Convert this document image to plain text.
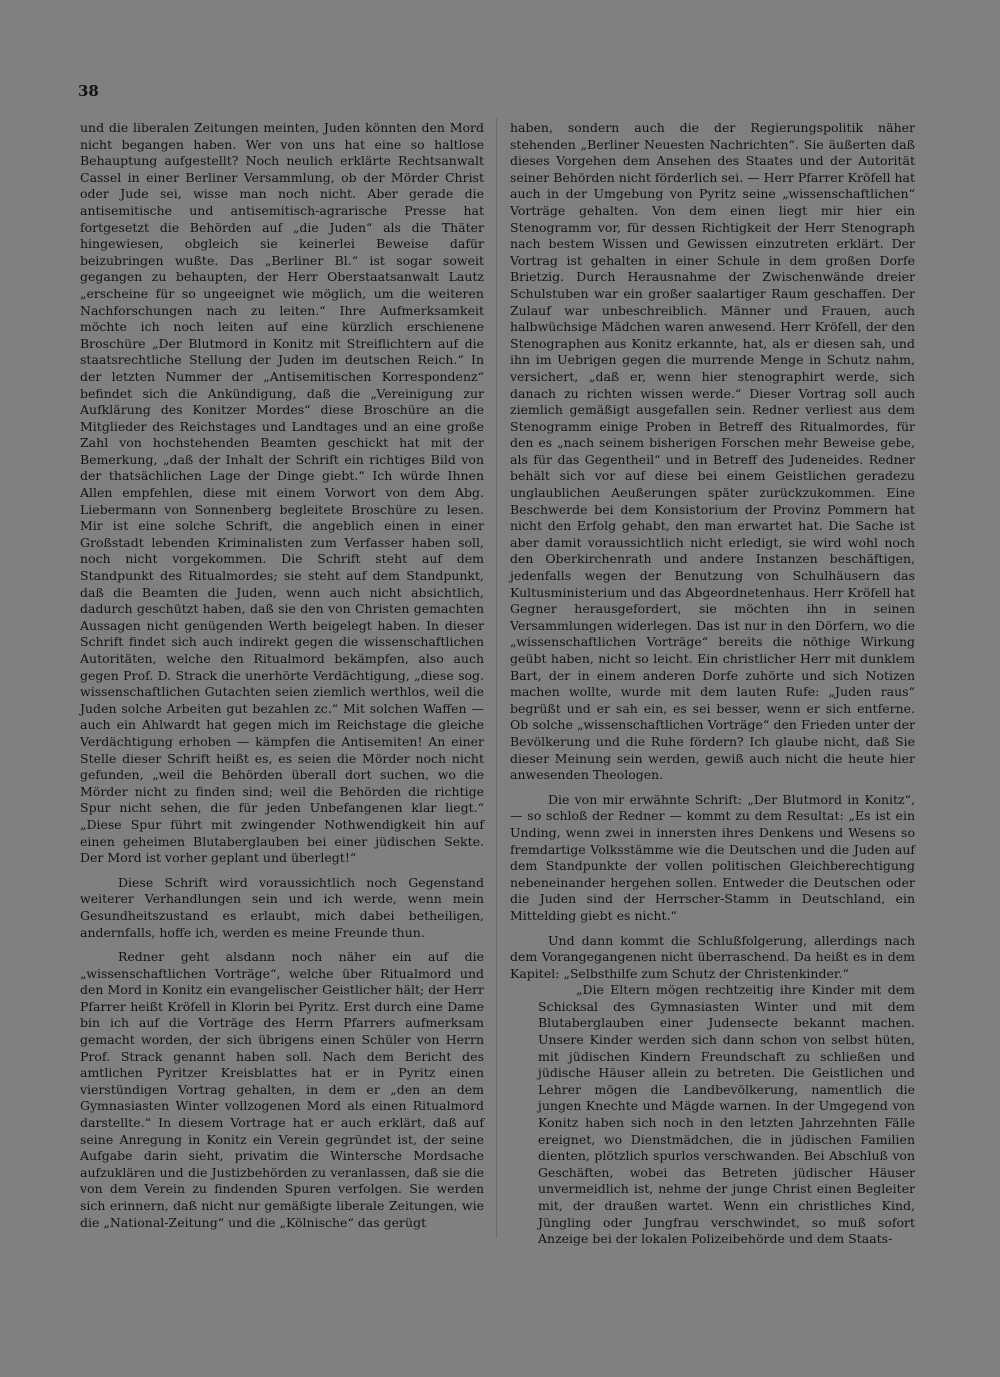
38

und die liberalen Zeitungen meinten, Juden könnten den Mord nicht begangen haben. Wer von uns hat eine so haltlose Behauptung aufgestellt? Noch neulich erklärte Rechtsanwalt Cassel in einer Berliner Versammlung, ob der Mörder Christ oder Jude sei, wisse man noch nicht. Aber gerade die antisemitische und antisemitisch-agrarische Presse hat fortgesetzt die Behörden auf „die Juden“ als die Thäter hingewiesen, obgleich sie keinerlei Beweise dafür beizubringen wußte. Das „Berliner Bl.“ ist sogar soweit gegangen zu behaupten, der Herr Oberstaatsanwalt Lautz „erscheine für so ungeeignet wie möglich, um die weiteren Nachforschungen nach zu leiten.“ Ihre Aufmerksamkeit möchte ich noch leiten auf eine kürzlich erschienene Broschüre „Der Blutmord in Konitz mit Streiflichtern auf die staatsrechtliche Stellung der Juden im deutschen Reich.“ In der letzten Nummer der „Antisemitischen Korrespondenz“ befindet sich die Ankündigung, daß die „Vereinigung zur Aufklärung des Konitzer Mordes“ diese Broschüre an die Mitglieder des Reichstages und Landtages und an eine große Zahl von hochstehenden Beamten geschickt hat mit der Bemerkung, „daß der Inhalt der Schrift ein richtiges Bild von der thatsächlichen Lage der Dinge giebt.“ Ich würde Ihnen Allen empfehlen, diese mit einem Vorwort von dem Abg. Liebermann von Sonnenberg begleitete Broschüre zu lesen. Mir ist eine solche Schrift, die angeblich einen in einer Großstadt lebenden Kriminalisten zum Verfasser haben soll, noch nicht vorgekommen. Die Schrift steht auf dem Standpunkt des Ritualmordes; sie steht auf dem Standpunkt, daß die Beamten die Juden, wenn auch nicht absichtlich, dadurch geschützt haben, daß sie den von Christen gemachten Aussagen nicht genügenden Werth beigelegt haben. In dieser Schrift findet sich auch indirekt gegen die wissenschaftlichen Autoritäten, welche den Ritualmord bekämpfen, also auch gegen Prof. D. Strack die unerhörte Verdächtigung, „diese sog. wissenschaftlichen Gutachten seien ziemlich werthlos, weil die Juden solche Arbeiten gut bezahlen zc.“ Mit solchen Waffen — auch ein Ahlwardt hat gegen mich im Reichstage die gleiche Verdächtigung erhoben — kämpfen die Antisemiten! An einer Stelle dieser Schrift heißt es, es seien die Mörder noch nicht gefunden, „weil die Behörden überall dort suchen, wo die Mörder nicht zu finden sind; weil die Behörden die richtige Spur nicht sehen, die für jeden Unbefangenen klar liegt.“ „Diese Spur führt mit zwingender Nothwendigkeit hin auf einen geheimen Blutaberglauben bei einer jüdischen Sekte. Der Mord ist vorher geplant und überlegt!“

Diese Schrift wird voraussichtlich noch Gegenstand weiterer Verhandlungen sein und ich werde, wenn mein Gesundheitszustand es erlaubt, mich dabei betheiligen, andernfalls, hoffe ich, werden es meine Freunde thun.

Redner geht alsdann noch näher ein auf die „wissenschaftlichen Vorträge“, welche über Ritualmord und den Mord in Konitz ein evangelischer Geistlicher hält; der Herr Pfarrer heißt Kröfell in Klorin bei Pyritz. Erst durch eine Dame bin ich auf die Vorträge des Herrn Pfarrers aufmerksam gemacht worden, der sich übrigens einen Schüler von Herrn Prof. Strack genannt haben soll. Nach dem Bericht des amtlichen Pyritzer Kreisblattes hat er in Pyritz einen vierstündigen Vortrag gehalten, in dem er „den an dem Gymnasiasten Winter vollzogenen Mord als einen Ritualmord darstellte.“ In diesem Vortrage hat er auch erklärt, daß auf seine Anregung in Konitz ein Verein gegründet ist, der seine Aufgabe darin sieht, privatim die Wintersche Mordsache aufzuklären und die Justizbehörden zu veranlassen, daß sie die von dem Verein zu findenden Spuren verfolgen. Sie werden sich erinnern, daß nicht nur gemäßigte liberale Zeitungen, wie die „National-Zeitung“ und die „Kölnische“ das gerügt

haben, sondern auch die der Regierungspolitik näher stehenden „Berliner Neuesten Nachrichten“. Sie äußerten daß dieses Vorgehen dem Ansehen des Staates und der Autorität seiner Behörden nicht förderlich sei. — Herr Pfarrer Kröfell hat auch in der Umgebung von Pyritz seine „wissenschaftlichen“ Vorträge gehalten. Von dem einen liegt mir hier ein Stenogramm vor, für dessen Richtigkeit der Herr Stenograph nach bestem Wissen und Gewissen einzutreten erklärt. Der Vortrag ist gehalten in einer Schule in dem großen Dorfe Brietzig. Durch Herausnahme der Zwischenwände dreier Schulstuben war ein großer saalartiger Raum geschaffen. Der Zulauf war unbeschreiblich. Männer und Frauen, auch halbwüchsige Mädchen waren anwesend. Herr Kröfell, der den Stenographen aus Konitz erkannte, hat, als er diesen sah, und ihn im Uebrigen gegen die murrende Menge in Schutz nahm, versichert, „daß er, wenn hier stenographirt werde, sich danach zu richten wissen werde.“ Dieser Vortrag soll auch ziemlich gemäßigt ausgefallen sein. Redner verliest aus dem Stenogramm einige Proben in Betreff des Ritualmordes, für den es „nach seinem bisherigen Forschen mehr Beweise gebe, als für das Gegentheil“ und in Betreff des Judeneides. Redner behält sich vor auf diese bei einem Geistlichen geradezu unglaublichen Aeußerungen später zurückzukommen. Eine Beschwerde bei dem Konsistorium der Provinz Pommern hat nicht den Erfolg gehabt, den man erwartet hat. Die Sache ist aber damit voraussichtlich nicht erledigt, sie wird wohl noch den Oberkirchenrath und andere Instanzen beschäftigen, jedenfalls wegen der Benutzung von Schulhäusern das Kultusministerium und das Abgeordnetenhaus. Herr Kröfell hat Gegner herausgefordert, sie möchten ihn in seinen Versammlungen widerlegen. Das ist nur in den Dörfern, wo die „wissenschaftlichen Vorträge“ bereits die nöthige Wirkung geübt haben, nicht so leicht. Ein christlicher Herr mit dunklem Bart, der in einem anderen Dorfe zuhörte und sich Notizen machen wollte, wurde mit dem lauten Rufe: „Juden raus“ begrüßt und er sah ein, es sei besser, wenn er sich entferne. Ob solche „wissenschaftlichen Vorträge“ den Frieden unter der Bevölkerung und die Ruhe fördern? Ich glaube nicht, daß Sie dieser Meinung sein werden, gewiß auch nicht die heute hier anwesenden Theologen.

Die von mir erwähnte Schrift: „Der Blutmord in Konitz“, — so schloß der Redner — kommt zu dem Resultat: „Es ist ein Unding, wenn zwei in innersten ihres Denkens und Wesens so fremdartige Volksstämme wie die Deutschen und die Juden auf dem Standpunkte der vollen politischen Gleichberechtigung nebeneinander hergehen sollen. Entweder die Deutschen oder die Juden sind der Herrscher-Stamm in Deutschland, ein Mittelding giebt es nicht.“

Und dann kommt die Schlußfolgerung, allerdings nach dem Vorangegangenen nicht überraschend. Da heißt es in dem Kapitel: „Selbsthilfe zum Schutz der Christenkinder.“

„Die Eltern mögen rechtzeitig ihre Kinder mit dem Schicksal des Gymnasiasten Winter und mit dem Blutaberglauben einer Judensecte bekannt machen. Unsere Kinder werden sich dann schon von selbst hüten, mit jüdischen Kindern Freundschaft zu schließen und jüdische Häuser allein zu betreten. Die Geistlichen und Lehrer mögen die Landbevölkerung, namentlich die jungen Knechte und Mägde warnen. In der Umgegend von Konitz haben sich noch in den letzten Jahrzehnten Fälle ereignet, wo Dienstmädchen, die in jüdischen Familien dienten, plötzlich spurlos verschwanden. Bei Abschluß von Geschäften, wobei das Betreten jüdischer Häuser unvermeidlich ist, nehme der junge Christ einen Begleiter mit, der draußen wartet. Wenn ein christliches Kind, Jüngling oder Jungfrau verschwindet, so muß sofort Anzeige bei der lokalen Polizeibehörde und dem Staats-
